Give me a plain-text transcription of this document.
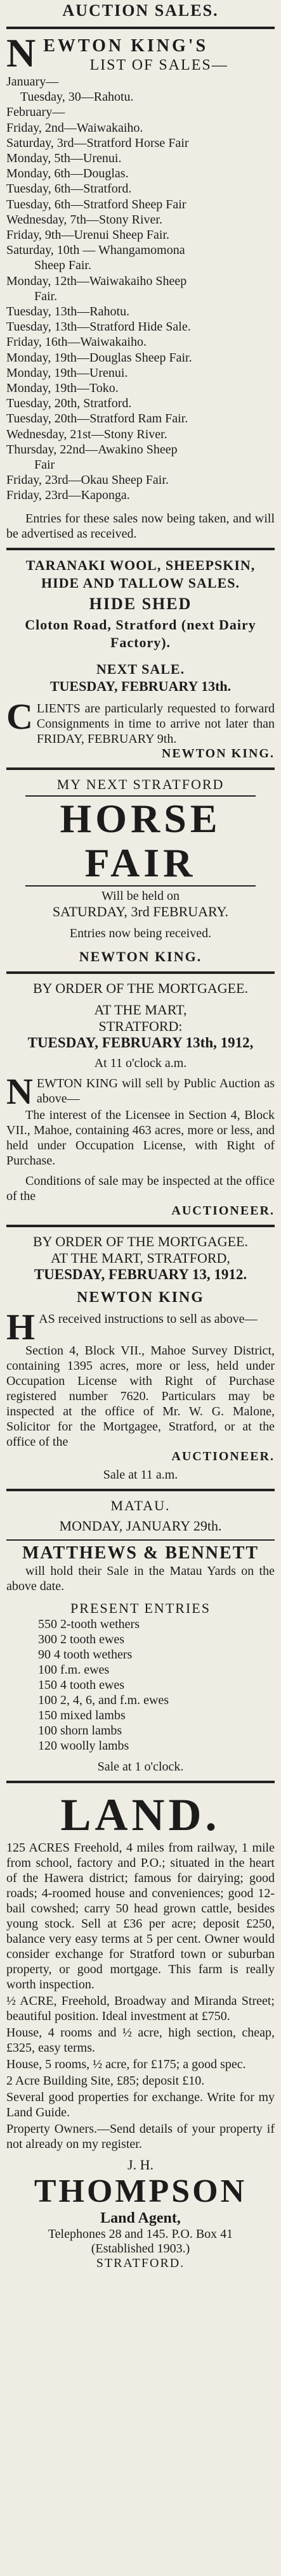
AUCTION SALES.
N EWTON KING'S
LIST OF SALES—
January—
Tuesday, 30—Rahotu.
February—
Friday, 2nd—Waiwakaiho.
Saturday, 3rd—Stratford Horse Fair
Monday, 5th—Urenui.
Monday, 6th—Douglas.
Tuesday, 6th—Stratford.
Tuesday, 6th—Stratford Sheep Fair
Wednesday, 7th—Stony River.
Friday, 9th—Urenui Sheep Fair.
Saturday, 10th — Whangamomona
Sheep Fair.
Monday, 12th—Waiwakaiho Sheep
Fair.
Tuesday, 13th—Rahotu.
Tuesday, 13th—Stratford Hide Sale.
Friday, 16th—Waiwakaiho.
Monday, 19th—Douglas Sheep Fair.
Monday, 19th—Urenui.
Monday, 19th—Toko.
Tuesday, 20th, Stratford.
Tuesday, 20th—Stratford Ram Fair.
Wednesday, 21st—Stony River.
Thursday, 22nd—Awakino Sheep
Fair
Friday, 23rd—Okau Sheep Fair.
Friday, 23rd—Kaponga.
Entries for these sales now being taken, and will be advertised as received.
TARANAKI WOOL, SHEEPSKIN, HIDE AND TALLOW SALES.
HIDE SHED
Cloton Road, Stratford (next Dairy Factory).
NEXT SALE.
TUESDAY, FEBRUARY 13th.
CLIENTS are particularly requested to forward Consignments in time to arrive not later than FRIDAY, FEBRUARY 9th.
NEWTON KING.
MY NEXT STRATFORD
HORSE FAIR
Will be held on
SATURDAY, 3rd FEBRUARY.
Entries now being received.
NEWTON KING.
BY ORDER OF THE MORTGAGEE.
AT THE MART,
STRATFORD:
TUESDAY, FEBRUARY 13th, 1912,
At 11 o'clock a.m.
NEWTON KING will sell by Public Auction as above—
The interest of the Licensee in Section 4, Block VII., Mahoe, containing 463 acres, more or less, and held under Occupation License, with Right of Purchase.
Conditions of sale may be inspected at the office of the
AUCTIONEER.
BY ORDER OF THE MORTGAGEE.
AT THE MART, STRATFORD,
TUESDAY, FEBRUARY 13, 1912.
NEWTON KING
HAS received instructions to sell as above—
Section 4, Block VII., Mahoe Survey District, containing 1395 acres, more or less, held under Occupation License with Right of Purchase registered number 7620. Particulars may be inspected at the office of Mr. W. G. Malone, Solicitor for the Mortgagee, Stratford, or at the office of the
AUCTIONEER.
Sale at 11 a.m.
MATAU.
MONDAY, JANUARY 29th.
MATTHEWS & BENNETT
will hold their Sale in the Matau Yards on the above date.
PRESENT ENTRIES
550 2-tooth wethers
300 2 tooth ewes
90 4 tooth wethers
100 f.m. ewes
150 4 tooth ewes
100 2, 4, 6, and f.m. ewes
150 mixed lambs
100 shorn lambs
120 woolly lambs
Sale at 1 o'clock.
LAND.
125 ACRES Freehold, 4 miles from railway, 1 mile from school, factory and P.O.; situated in the heart of the Hawera district; famous for dairying; good roads; 4-roomed house and conveniences; good 12-bail cowshed; carry 50 head grown cattle, besides young stock. Sell at £36 per acre; deposit £250, balance very easy terms at 5 per cent. Owner would consider exchange for Stratford town or suburban property, or good mortgage. This farm is really worth inspection.
½ ACRE, Freehold, Broadway and Miranda Street; beautiful position. Ideal investment at £750.
House, 4 rooms and ½ acre, high section, cheap, £325, easy terms.
House, 5 rooms, ½ acre, for £175; a good spec.
2 Acre Building Site, £85; deposit £10.
Several good properties for exchange. Write for my Land Guide.
Property Owners.—Send details of your property if not already on my register.
J. H.
THOMPSON
Land Agent,
Telephones 28 and 145. P.O. Box 41
(Established 1903.)
STRATFORD.
